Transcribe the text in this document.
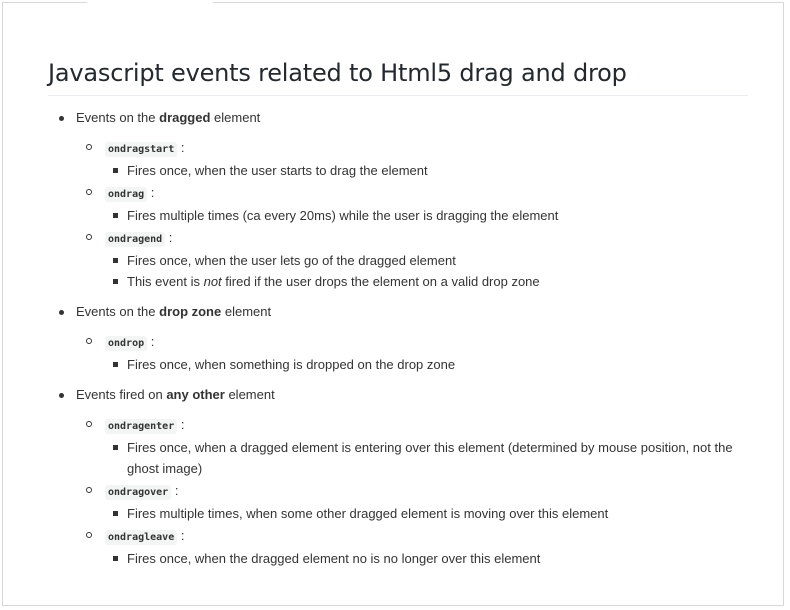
Javascript events related to Html5 drag and drop
Events on the dragged element
ondragstart :
Fires once, when the user starts to drag the element
ondrag :
Fires multiple times (ca every 20ms) while the user is dragging the element
ondragend :
Fires once, when the user lets go of the dragged element
This event is not fired if the user drops the element on a valid drop zone
Events on the drop zone element
ondrop :
Fires once, when something is dropped on the drop zone
Events fired on any other element
ondragenter :
Fires once, when a dragged element is entering over this element (determined by mouse position, not the ghost image)
ondragover :
Fires multiple times, when some other dragged element is moving over this element
ondragleave :
Fires once, when the dragged element no is no longer over this element
